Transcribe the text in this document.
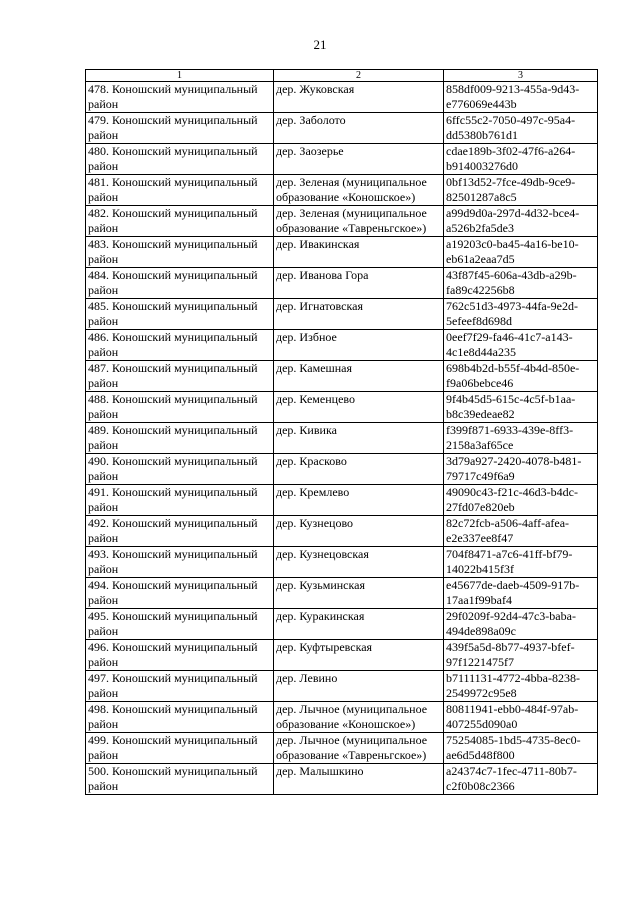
21
1	2	3
478. Коношский муниципальный район	дер. Жуковская	858df009-9213-455a-9d43-e776069e443b
479. Коношский муниципальный район	дер. Заболото	6ffc55c2-7050-497c-95a4-dd5380b761d1
480. Коношский муниципальный район	дер. Заозерье	cdae189b-3f02-47f6-a264-b914003276d0
481. Коношский муниципальный район	дер. Зеленая (муниципальное образование «Коношское»)	0bf13d52-7fce-49db-9ce9-82501287a8c5
482. Коношский муниципальный район	дер. Зеленая (муниципальное образование «Тавреньгское»)	a99d9d0a-297d-4d32-bce4-a526b2fa5de3
483. Коношский муниципальный район	дер. Ивакинская	a19203c0-ba45-4a16-be10-eb61a2eaa7d5
484. Коношский муниципальный район	дер. Иванова Гора	43f87f45-606a-43db-a29b-fa89c42256b8
485. Коношский муниципальный район	дер. Игнатовская	762c51d3-4973-44fa-9e2d-5efeef8d698d
486. Коношский муниципальный район	дер. Избное	0eef7f29-fa46-41c7-a143-4c1e8d44a235
487. Коношский муниципальный район	дер. Камешная	698b4b2d-b55f-4b4d-850e-f9a06bebce46
488. Коношский муниципальный район	дер. Кеменцево	9f4b45d5-615c-4c5f-b1aa-b8c39edeae82
489. Коношский муниципальный район	дер. Кивика	f399f871-6933-439e-8ff3-2158a3af65ce
490. Коношский муниципальный район	дер. Красково	3d79a927-2420-4078-b481-79717c49f6a9
491. Коношский муниципальный район	дер. Кремлево	49090c43-f21c-46d3-b4dc-27fd07e820eb
492. Коношский муниципальный район	дер. Кузнецово	82c72fcb-a506-4aff-afea-e2e337ee8f47
493. Коношский муниципальный район	дер. Кузнецовская	704f8471-a7c6-41ff-bf79-14022b415f3f
494. Коношский муниципальный район	дер. Кузьминская	e45677de-daeb-4509-917b-17aa1f99baf4
495. Коношский муниципальный район	дер. Куракинская	29f0209f-92d4-47c3-baba-494de898a09c
496. Коношский муниципальный район	дер. Куфтыревская	439f5a5d-8b77-4937-bfef-97f1221475f7
497. Коношский муниципальный район	дер. Левино	b7111131-4772-4bba-8238-2549972c95e8
498. Коношский муниципальный район	дер. Лычное (муниципальное образование «Коношское»)	80811941-ebb0-484f-97ab-407255d090a0
499. Коношский муниципальный район	дер. Лычное (муниципальное образование «Тавреньгское»)	75254085-1bd5-4735-8ec0-ae6d5d48f800
500. Коношский муниципальный район	дер. Малышкино	a24374c7-1fec-4711-80b7-c2f0b08c2366
